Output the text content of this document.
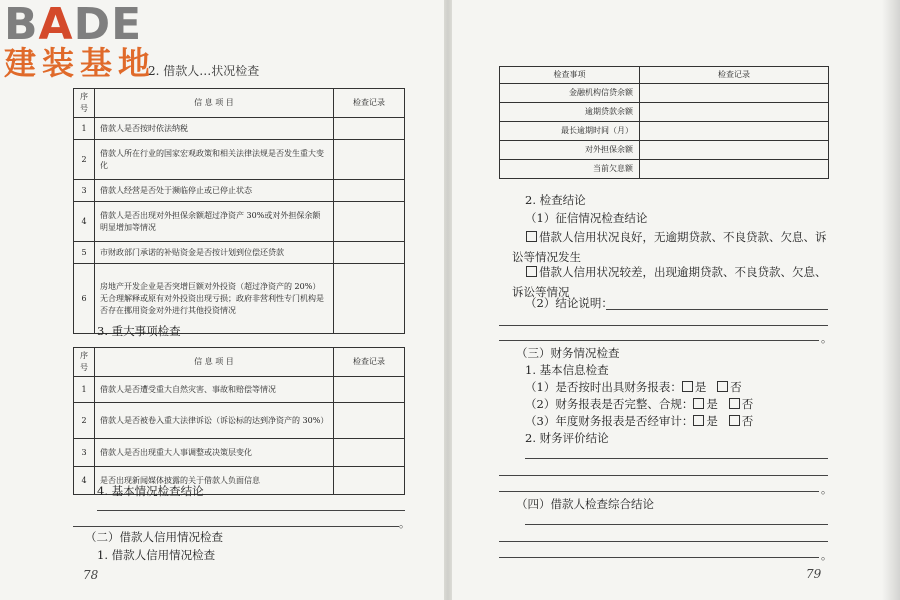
BADE
建装基地
2. 借款人…状况检查
序号	信 息 项 目	检查记录
1	借款人是否按时依法纳税	
2	借款人所在行业的国家宏观政策和相关法律法规是否发生重大变化	
3	借款人经营是否处于濒临停止或已停止状态	
4	借款人是否出现对外担保余额超过净资产 30%或对外担保余额明显增加等情况	
5	市财政部门承诺的补贴资金是否按计划到位偿还贷款	
6	房地产开发企业是否突增巨额对外投资（超过净资产的 20%）无合理解释或原有对外投资出现亏损；政府非营利性专门机构是否存在挪用资金对外进行其他投资情况	
3. 重大事项检查
序号	信 息 项 目	检查记录
1	借款人是否遭受重大自然灾害、事故和赔偿等情况	
2	借款人是否被卷入重大法律诉讼（诉讼标的达到净资产的 30%）	
3	借款人是否出现重大人事调整或决策层变化	
4	是否出现新闻媒体披露的关于借款人负面信息	
4. 基本情况检查结论
。
（二）借款人信用情况检查
1. 借款人信用情况检查
78
检查事项	检查记录
金融机构信贷余额	
逾期贷款余额	
最长逾期时间（月）	
对外担保余额	
当前欠息额	
2. 检查结论
（1）征信情况检查结论
借款人信用状况良好，无逾期贷款、不良贷款、欠息、诉讼等情况发生
借款人信用状况较差，出现逾期贷款、不良贷款、欠息、诉讼等情况
（2）结论说明：
。
（三）财务情况检查
1. 基本信息检查
（1）是否按时出具财务报表： 是 否
（2）财务报表是否完整、合规： 是 否
（3）年度财务报表是否经审计： 是 否
2. 财务评价结论
。
（四）借款人检查综合结论
。
79
